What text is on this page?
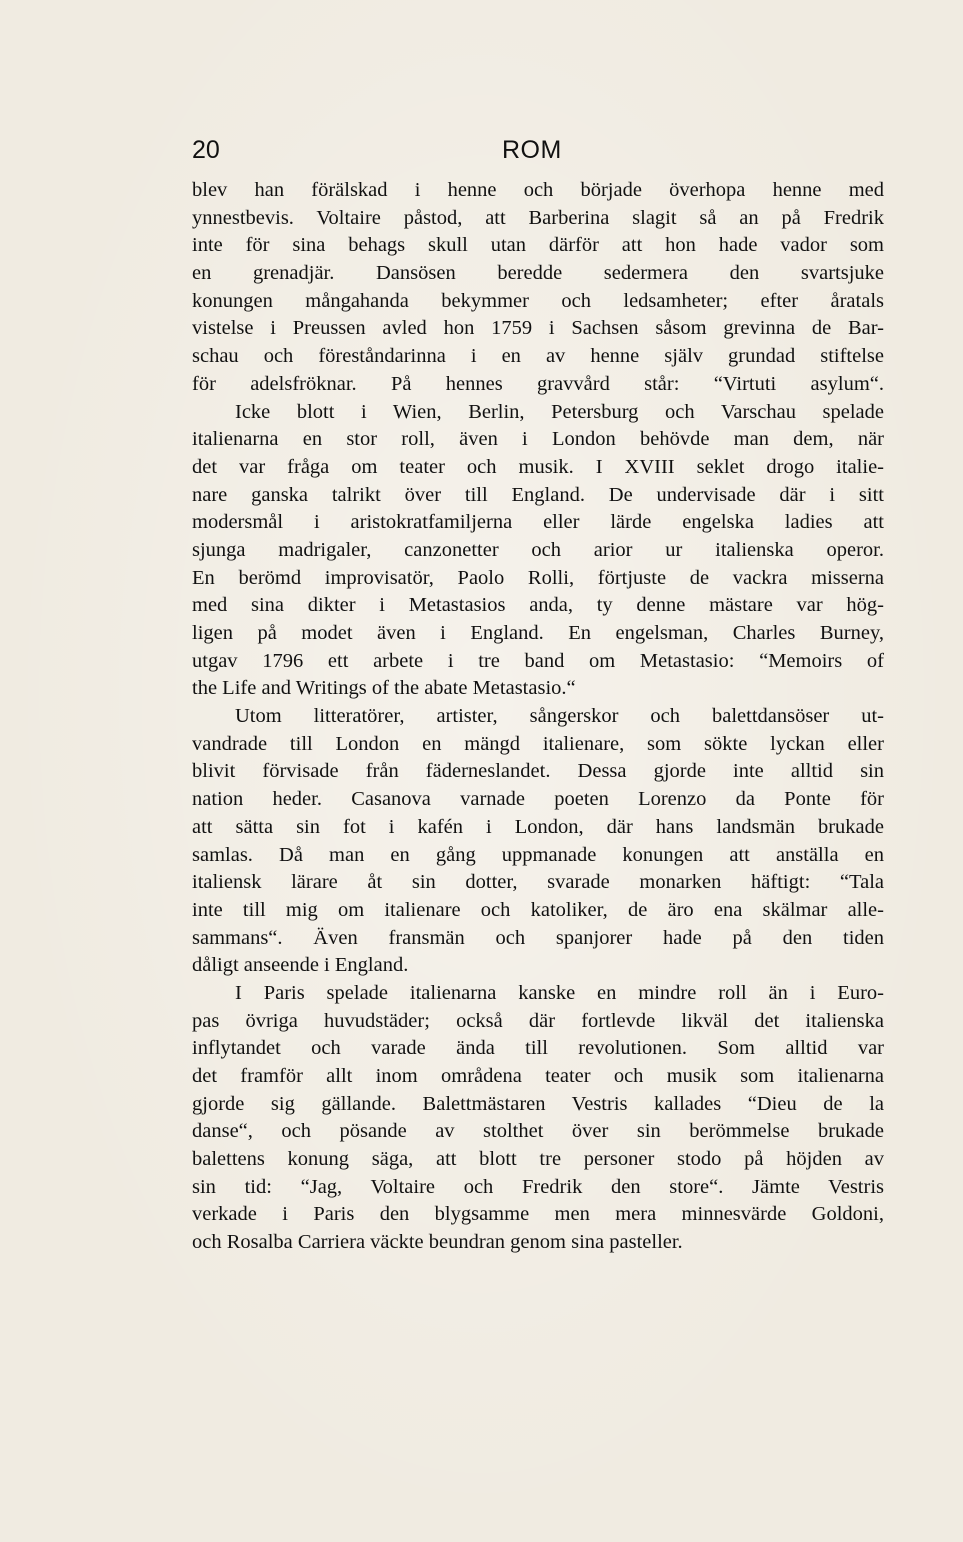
20	ROM
blev han förälskad i henne och började överhopa henne med
ynnestbevis. Voltaire påstod, att Barberina slagit så an på Fredrik
inte för sina behags skull utan därför att hon hade vador som
en grenadjär. Dansösen beredde sedermera den svartsjuke
konungen mångahanda bekymmer och ledsamheter; efter åratals
vistelse i Preussen avled hon 1759 i Sachsen såsom grevinna de Bar-
schau och föreståndarinna i en av henne själv grundad stiftelse
för adelsfröknar. På hennes gravvård står: “Virtuti asylum“.
Icke blott i Wien, Berlin, Petersburg och Varschau spelade
italienarna en stor roll, även i London behövde man dem, när
det var fråga om teater och musik. I XVIII seklet drogo italie-
nare ganska talrikt över till England. De undervisade där i sitt
modersmål i aristokratfamiljerna eller lärde engelska ladies att
sjunga madrigaler, canzonetter och arior ur italienska operor.
En berömd improvisatör, Paolo Rolli, förtjuste de vackra misserna
med sina dikter i Metastasios anda, ty denne mästare var hög-
ligen på modet även i England. En engelsman, Charles Burney,
utgav 1796 ett arbete i tre band om Metastasio: “Memoirs of
the Life and Writings of the abate Metastasio.“
Utom litteratörer, artister, sångerskor och balettdansöser ut-
vandrade till London en mängd italienare, som sökte lyckan eller
blivit förvisade från fäderneslandet. Dessa gjorde inte alltid sin
nation heder. Casanova varnade poeten Lorenzo da Ponte för
att sätta sin fot i kafén i London, där hans landsmän brukade
samlas. Då man en gång uppmanade konungen att anställa en
italiensk lärare åt sin dotter, svarade monarken häftigt: “Tala
inte till mig om italienare och katoliker, de äro ena skälmar alle-
sammans“. Även fransmän och spanjorer hade på den tiden
dåligt anseende i England.
I Paris spelade italienarna kanske en mindre roll än i Euro-
pas övriga huvudstäder; också där fortlevde likväl det italienska
inflytandet och varade ända till revolutionen. Som alltid var
det framför allt inom områdena teater och musik som italienarna
gjorde sig gällande. Balettmästaren Vestris kallades “Dieu de la
danse“, och pösande av stolthet över sin berömmelse brukade
balettens konung säga, att blott tre personer stodo på höjden av
sin tid: “Jag, Voltaire och Fredrik den store“. Jämte Vestris
verkade i Paris den blygsamme men mera minnesvärde Goldoni,
och Rosalba Carriera väckte beundran genom sina pasteller.
